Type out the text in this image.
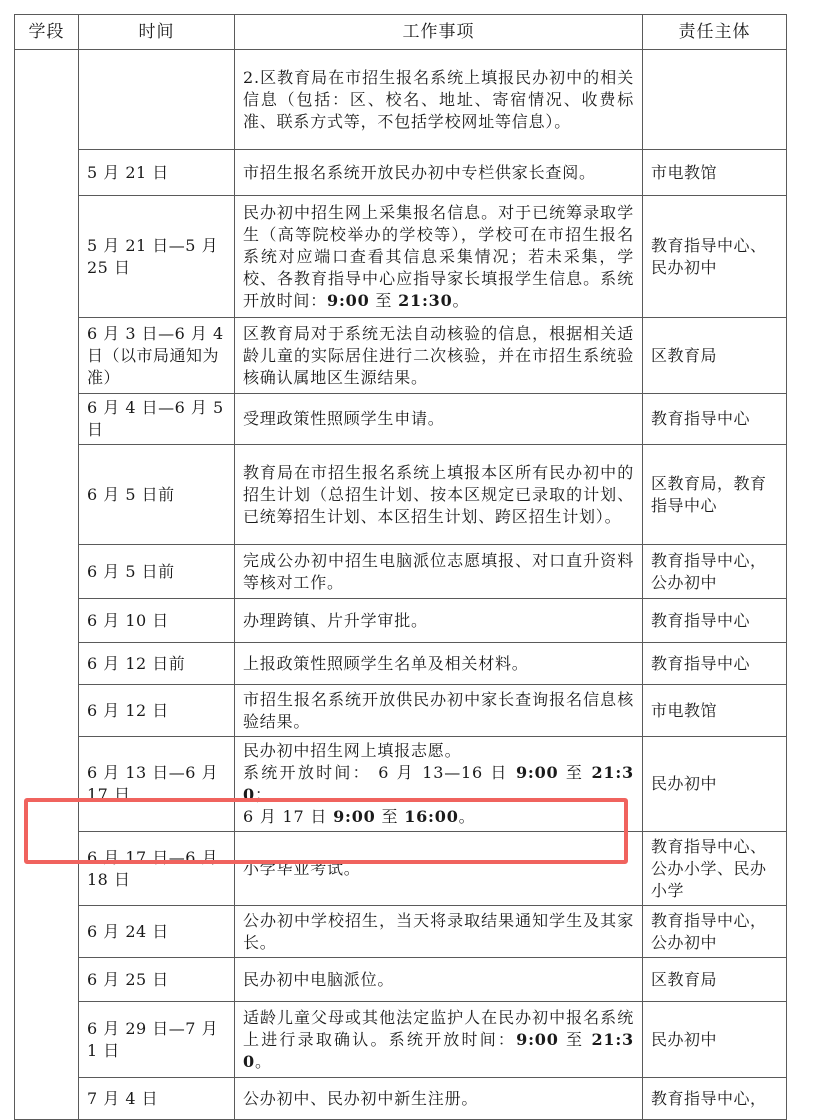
学段	时间	工作事项	责任主体
		2.区教育局在市招生报名系统上填报民办初中的相关信息（包括：区、校名、地址、寄宿情况、收费标准、联系方式等，不包括学校网址等信息）。	
	5 月 21 日	市招生报名系统开放民办初中专栏供家长查阅。	市电教馆
	5 月 21 日—5 月 25 日	民办初中招生网上采集报名信息。对于已统筹录取学生（高等院校举办的学校等），学校可在市招生报名系统对应端口查看其信息采集情况；若未采集，学校、各教育指导中心应指导家长填报学生信息。系统开放时间：9:00 至 21:30。	教育指导中心、民办初中
	6 月 3 日—6 月 4 日（以市局通知为准）	区教育局对于系统无法自动核验的信息，根据相关适龄儿童的实际居住进行二次核验，并在市招生系统验核确认属地区生源结果。	区教育局
	6 月 4 日—6 月 5 日	受理政策性照顾学生申请。	教育指导中心
	6 月 5 日前	教育局在市招生报名系统上填报本区所有民办初中的招生计划（总招生计划、按本区规定已录取的计划、已统筹招生计划、本区招生计划、跨区招生计划）。	区教育局，教育指导中心
	6 月 5 日前	完成公办初中招生电脑派位志愿填报、对口直升资料等核对工作。	教育指导中心，公办初中
	6 月 10 日	办理跨镇、片升学审批。	教育指导中心
	6 月 12 日前	上报政策性照顾学生名单及相关材料。	教育指导中心
	6 月 12 日	市招生报名系统开放供民办初中家长查询报名信息核验结果。	市电教馆
	6 月 13 日—6 月 17 日	民办初中招生网上填报志愿。
系统开放时间： 6 月 13—16 日 9:00 至 21:30；
6 月 17 日 9:00 至 16:00。	民办初中
	6 月 17 日—6 月 18 日	小学毕业考试。	教育指导中心、公办小学、民办小学
	6 月 24 日	公办初中学校招生，当天将录取结果通知学生及其家长。	教育指导中心，公办初中
	6 月 25 日	民办初中电脑派位。	区教育局
	6 月 29 日—7 月 1 日	适龄儿童父母或其他法定监护人在民办初中报名系统上进行录取确认。系统开放时间：9:00 至 21:30。	民办初中
	7 月 4 日	公办初中、民办初中新生注册。	教育指导中心，
